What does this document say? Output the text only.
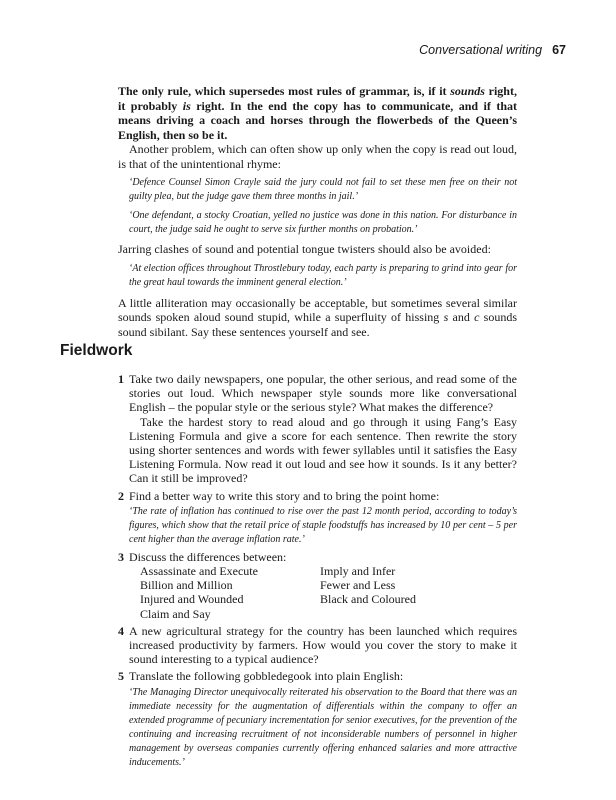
Conversational writing 67

The only rule, which supersedes most rules of grammar, is, if it sounds right, it probably is right. In the end the copy has to communicate, and if that means driving a coach and horses through the flowerbeds of the Queen’s English, then so be it.

Another problem, which can often show up only when the copy is read out loud, is that of the unintentional rhyme:

‘Defence Counsel Simon Crayle said the jury could not fail to set these men free on their not guilty plea, but the judge gave them three months in jail.’

‘One defendant, a stocky Croatian, yelled no justice was done in this nation. For disturbance in court, the judge said he ought to serve six further months on probation.’

Jarring clashes of sound and potential tongue twisters should also be avoided:

‘At election offices throughout Throstlebury today, each party is preparing to grind into gear for the great haul towards the imminent general election.’

A little alliteration may occasionally be acceptable, but sometimes several similar sounds spoken aloud sound stupid, while a superfluity of hissing s and c sounds sound sibilant. Say these sentences yourself and see.

Fieldwork
1 Take two daily newspapers, one popular, the other serious, and read some of the stories out loud. Which newspaper style sounds more like conversational English – the popular style or the serious style? What makes the difference?

Take the hardest story to read aloud and go through it using Fang’s Easy Listening Formula and give a score for each sentence. Then rewrite the story using shorter sentences and words with fewer syllables until it satisfies the Easy Listening Formula. Now read it out loud and see how it sounds. Is it any better? Can it still be improved?

2 Find a better way to write this story and to bring the point home:

‘The rate of inflation has continued to rise over the past 12 month period, according to today’s figures, which show that the retail price of staple foodstuffs has increased by 10 per cent – 5 per cent higher than the average inflation rate.’

3 Discuss the differences between:

Assassinate and Execute
Billion and Million
Injured and Wounded
Claim and Say
Imply and Infer
Fewer and Less
Black and Coloured
4 A new agricultural strategy for the country has been launched which requires increased productivity by farmers. How would you cover the story to make it sound interesting to a typical audience?

5 Translate the following gobbledegook into plain English:

‘The Managing Director unequivocally reiterated his observation to the Board that there was an immediate necessity for the augmentation of differentials within the company to offer an extended programme of pecuniary incrementation for senior executives, for the prevention of the continuing and increasing recruitment of not inconsiderable numbers of personnel in higher management by overseas companies currently offering enhanced salaries and more attractive inducements.’
